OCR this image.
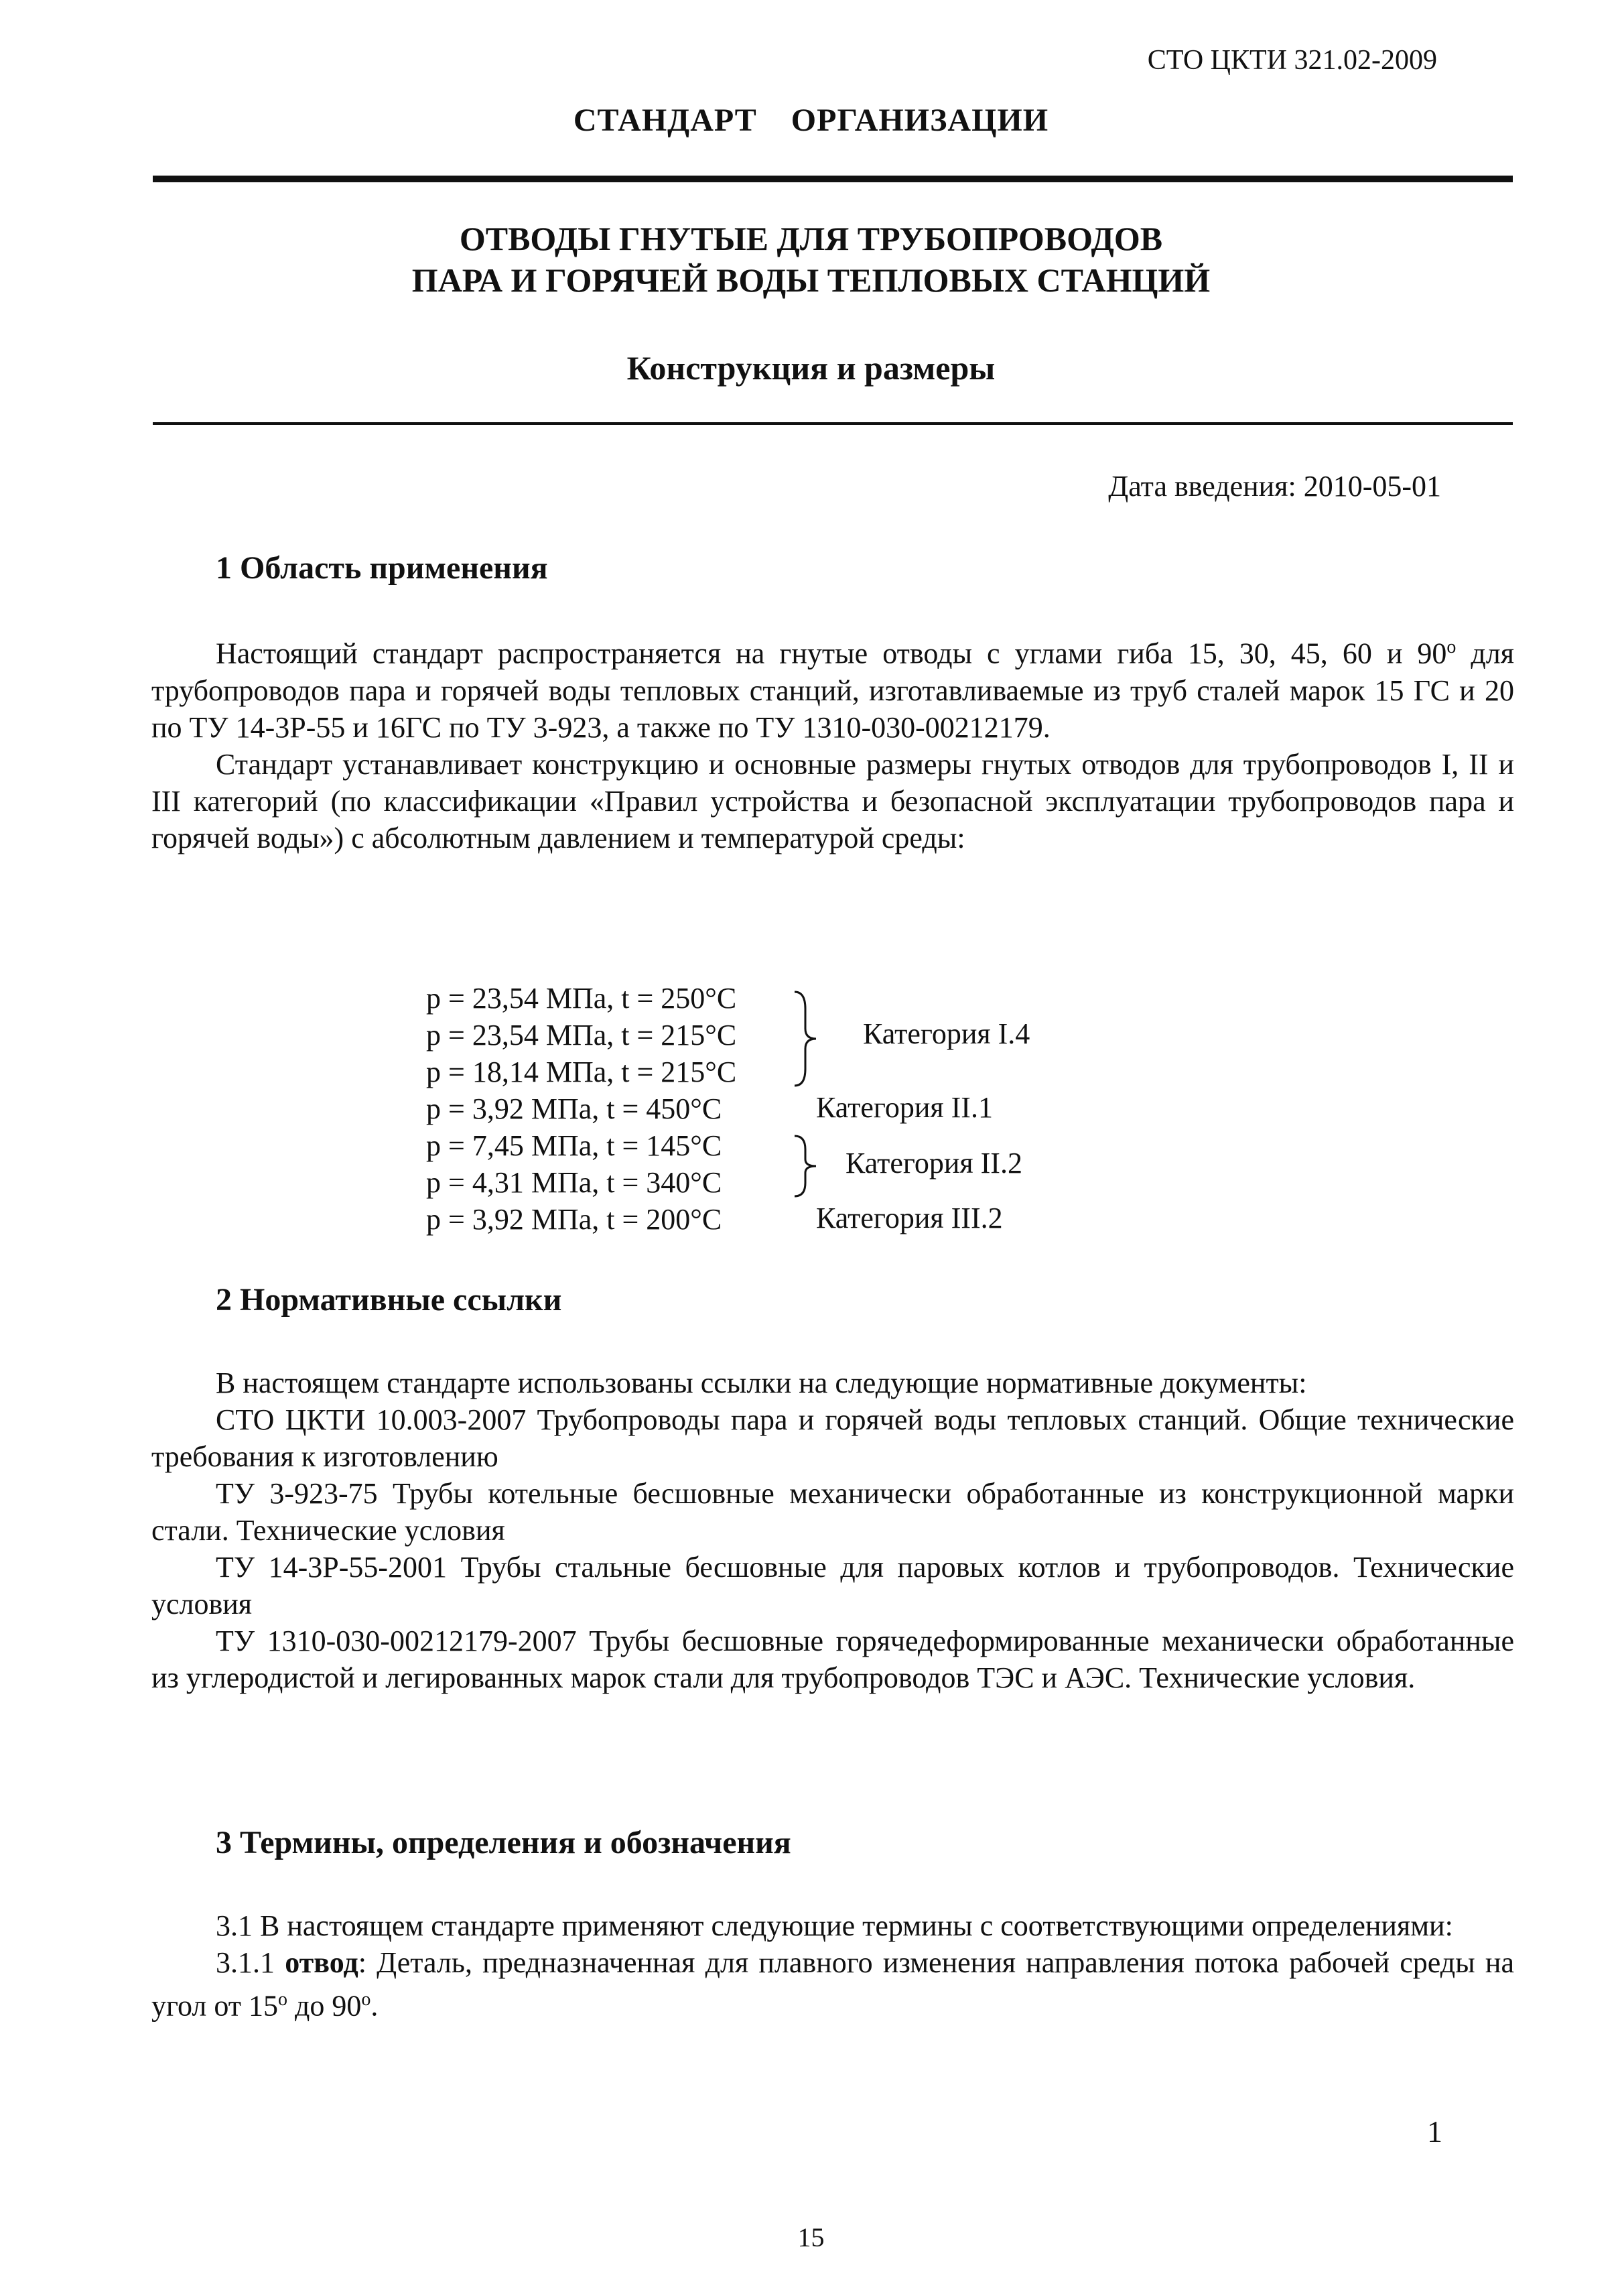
СТО ЦКТИ 321.02-2009
СТАНДАРТ ОРГАНИЗАЦИИ
ОТВОДЫ ГНУТЫЕ ДЛЯ ТРУБОПРОВОДОВ
ПАРА И ГОРЯЧЕЙ ВОДЫ ТЕПЛОВЫХ СТАНЦИЙ
Конструкция и размеры
Дата введения: 2010-05-01
1 Область применения

Настоящий стандарт распространяется на гнутые отводы с углами гиба 15, 30, 45, 60 и 90$^o$ для трубопроводов пара и горячей воды тепловых станций, изготавливаемые из труб сталей марок 15 ГС и 20 по ТУ 14-3Р-55 и 16ГС по ТУ 3-923, а также по ТУ 1310-030-00212179.

Стандарт устанавливает конструкцию и основные размеры гнутых отводов для трубопроводов I, II и III категорий (по классификации «Правил устройства и безопасной эксплуатации трубопроводов пара и горячей воды») с абсолютным давлением и температурой среды:

p = 23,54 МПа, t = 250°C
p = 23,54 МПа, t = 215°C
p = 18,14 МПа, t = 215°C
p = 3,92 МПа, t = 450°C
p = 7,45 МПа, t = 145°C
p = 4,31 МПа, t = 340°C
p = 3,92 МПа, t = 200°C
Категория I.4
Категория II.1
Категория II.2
Категория III.2
2 Нормативные ссылки

В настоящем стандарте использованы ссылки на следующие нормативные документы:

СТО ЦКТИ 10.003-2007 Трубопроводы пара и горячей воды тепловых станций. Общие технические требования к изготовлению

ТУ 3-923-75 Трубы котельные бесшовные механически обработанные из конструкционной марки стали. Технические условия

ТУ 14-3Р-55-2001 Трубы стальные бесшовные для паровых котлов и трубопроводов. Технические условия

ТУ 1310-030-00212179-2007 Трубы бесшовные горячедеформированные механически обработанные из углеродистой и легированных марок стали для трубопроводов ТЭС и АЭС. Технические условия.

3 Термины, определения и обозначения

3.1 В настоящем стандарте применяют следующие термины с соответствующими определениями:

3.1.1 отвод: Деталь, предназначенная для плавного изменения направления потока рабочей среды на угол от 15$^o$ до 90$^o$.

1
15
